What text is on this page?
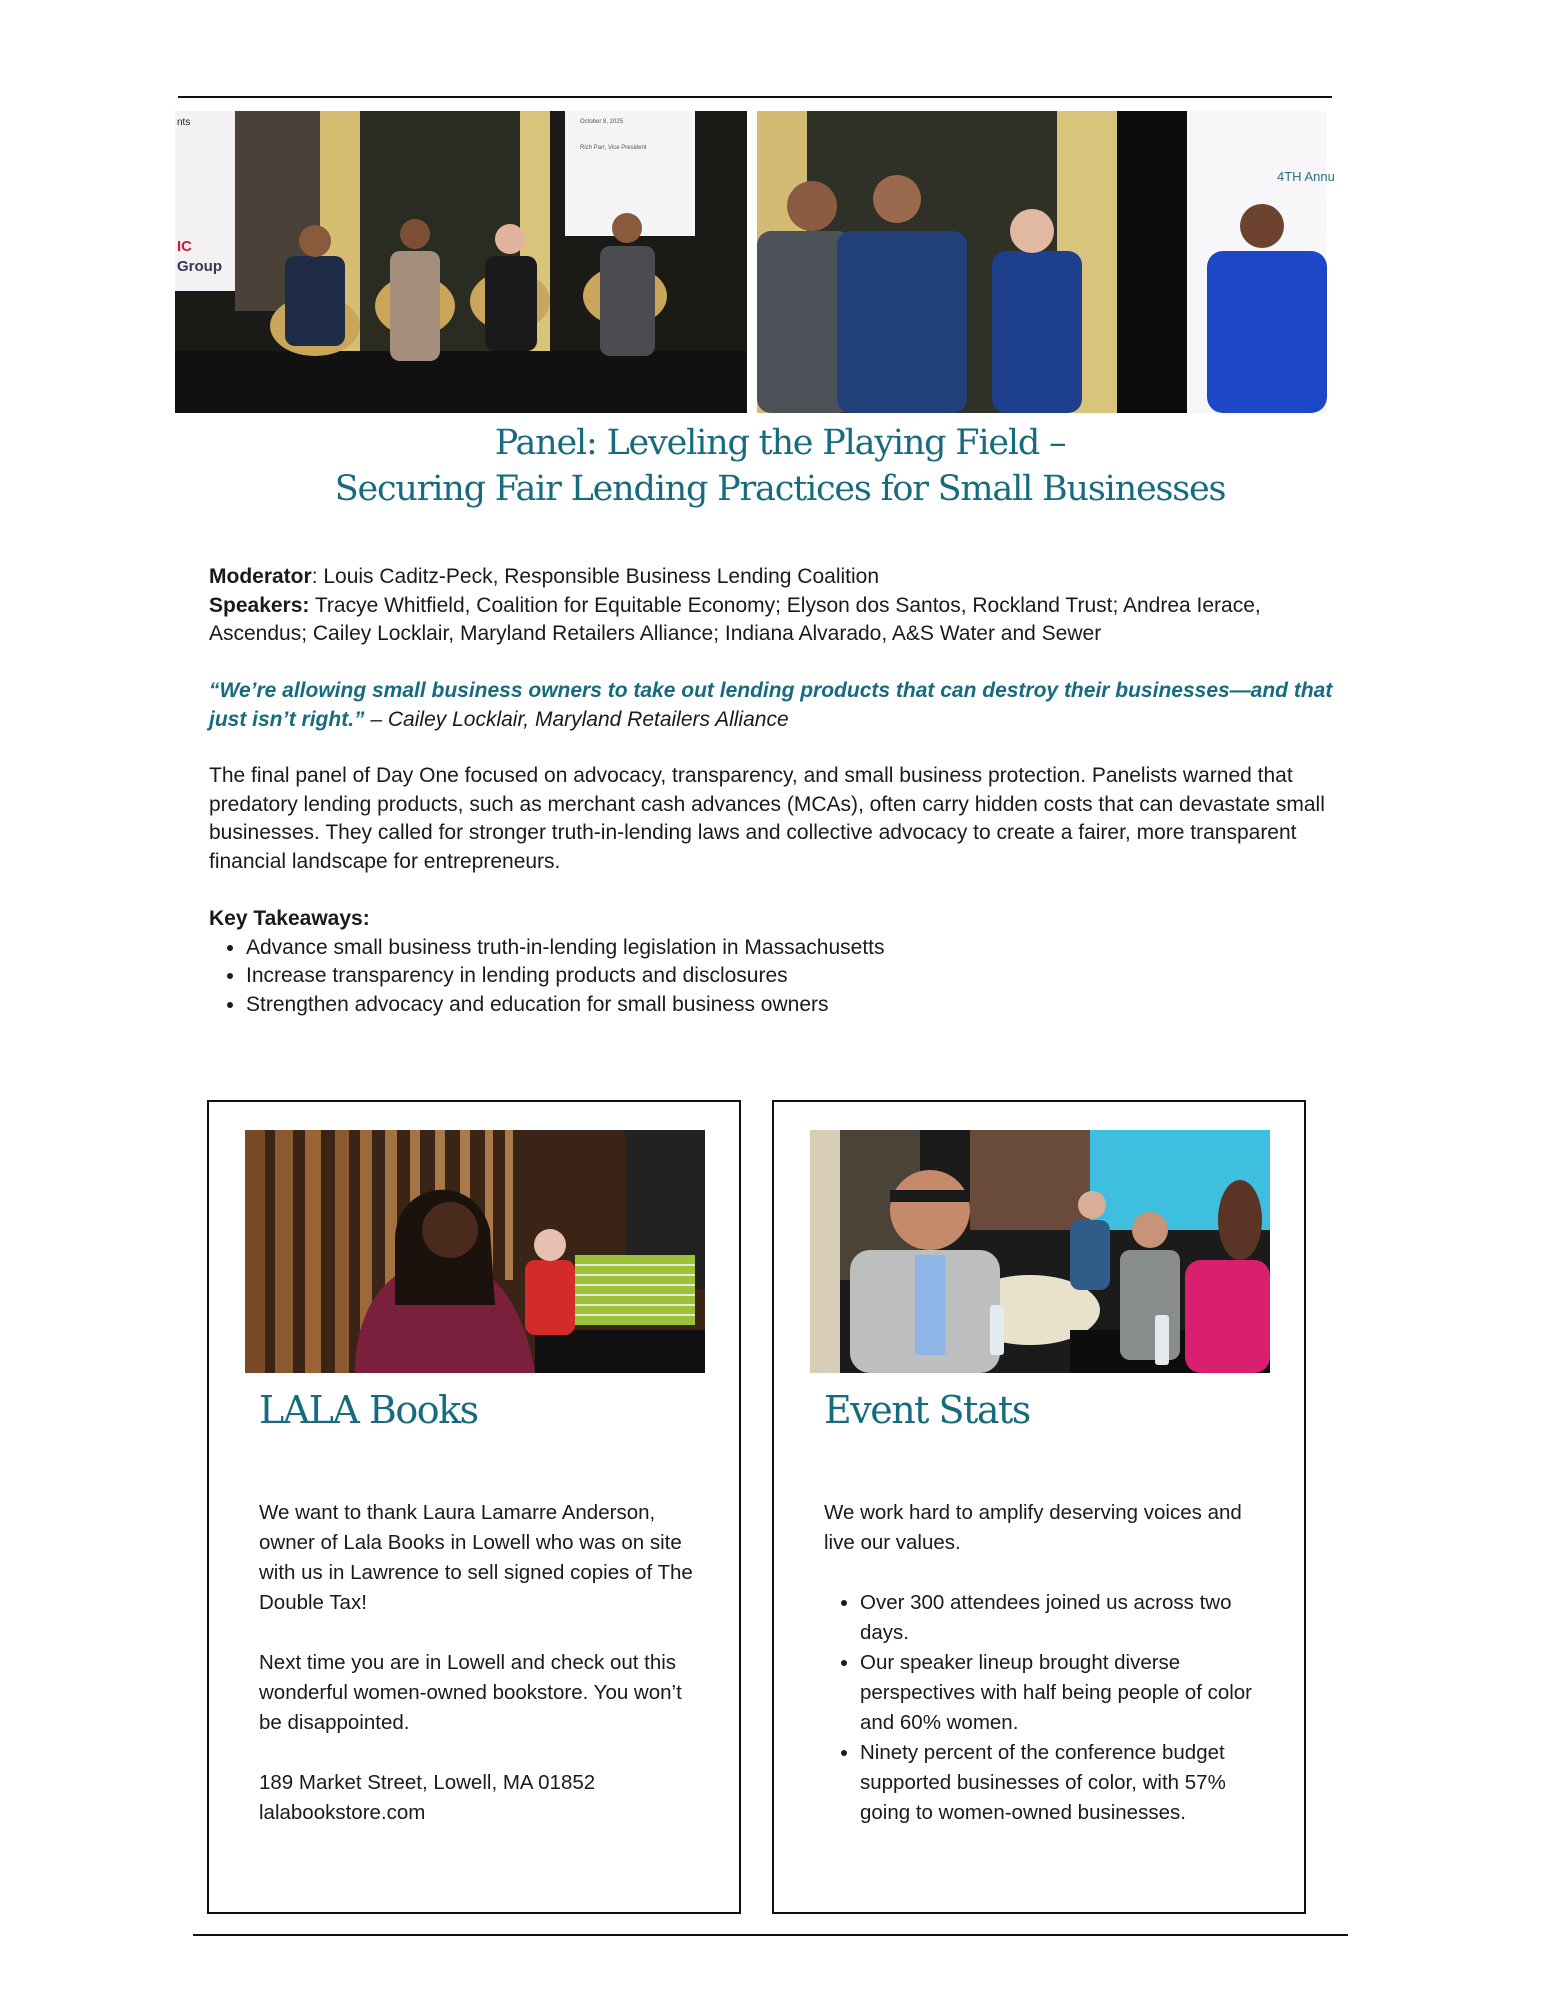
nts
IC
Group
October 8, 2025
Rich Parr, Vice President
4TH Annu
Panel: Leveling the Playing Field –
Securing Fair Lending Practices for Small Businesses
Moderator: Louis Caditz-Peck, Responsible Business Lending Coalition
Speakers: Tracye Whitfield, Coalition for Equitable Economy; Elyson dos Santos, Rockland Trust; Andrea Ierace, Ascendus; Cailey Locklair, Maryland Retailers Alliance; Indiana Alvarado, A&S Water and Sewer
“We’re allowing small business owners to take out lending products that can destroy their businesses—and that just isn’t right.” – Cailey Locklair, Maryland Retailers Alliance
The final panel of Day One focused on advocacy, transparency, and small business protection. Panelists warned that predatory lending products, such as merchant cash advances (MCAs), often carry hidden costs that can devastate small businesses. They called for stronger truth-in-lending laws and collective advocacy to create a fairer, more transparent financial landscape for entrepreneurs.
Key Takeaways:
• Advance small business truth-in-lending legislation in Massachusetts
• Increase transparency in lending products and disclosures
• Strengthen advocacy and education for small business owners
LALA Books

We want to thank Laura Lamarre Anderson, owner of Lala Books in Lowell who was on site with us in Lawrence to sell signed copies of The Double Tax!

Next time you are in Lowell and check out this wonderful women-owned bookstore. You won’t be disappointed.

189 Market Street, Lowell, MA 01852
lalabookstore.com
Event Stats

We work hard to amplify deserving voices and live our values.

• Over 300 attendees joined us across two days.
• Our speaker lineup brought diverse perspectives with half being people of color and 60% women.
• Ninety percent of the conference budget supported businesses of color, with 57% going to women-owned businesses.
